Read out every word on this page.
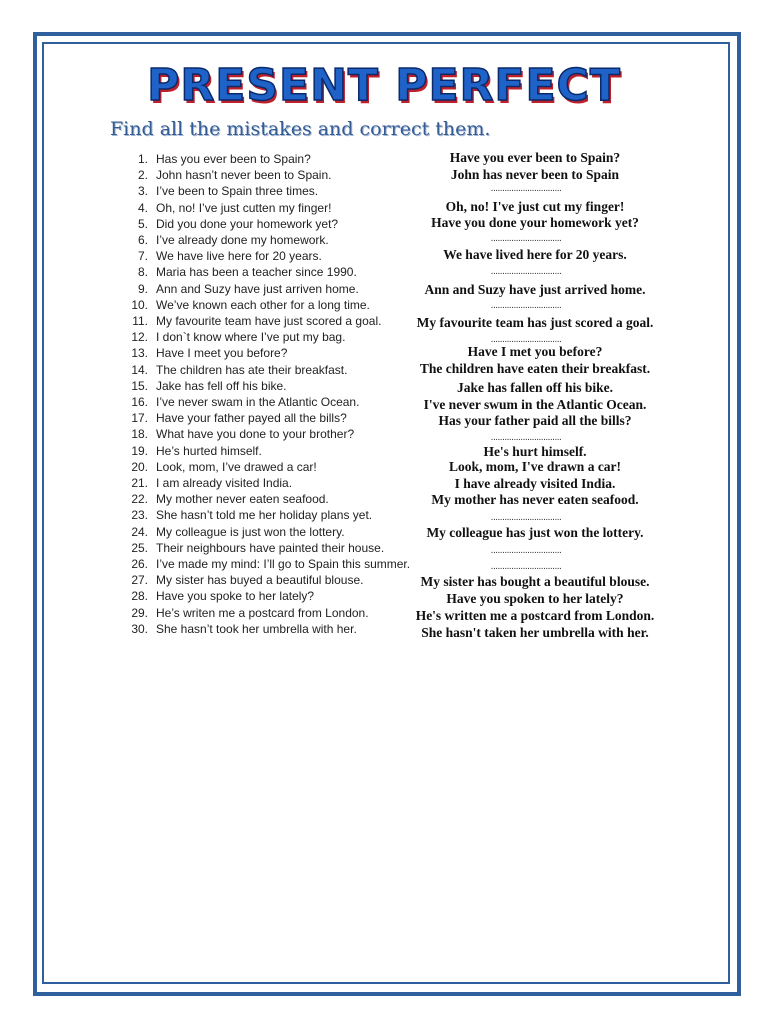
PRESENT PERFECT
Find all the mistakes and correct them.
1. Has you ever been to Spain?
2. John hasn’t never been to Spain.
3. I’ve been to Spain three times.
4. Oh, no! I’ve just cutten my finger!
5. Did you done your homework yet?
6. I’ve already done my homework.
7. We have live here for 20 years.
8. Maria has been a teacher since 1990.
9. Ann and Suzy have just arriven home.
10. We’ve known each other for a long time.
11. My favourite team have just scored a goal.
12. I don`t know where I’ve put my bag.
13. Have I meet you before?
14. The children has ate their breakfast.
15. Jake has fell off his bike.
16. I’ve never swam in the Atlantic Ocean.
17. Have your father payed all the bills?
18. What have you done to your brother?
19. He’s hurted himself.
20. Look, mom, I’ve drawed a car!
21. I am already visited India.
22. My mother never eaten seafood.
23. She hasn’t told me her holiday plans yet.
24. My colleague is just won the lottery.
25. Their neighbours have painted their house.
26. I’ve made my mind: I’ll go to Spain this summer.
27. My sister has buyed a beautiful blouse.
28. Have you spoke to her lately?
29. He’s writen me a postcard from London.
30. She hasn’t took her umbrella with her.
Have you ever been to Spain?
John has never been to Spain
Oh, no! I've just cut my finger!
Have you done your homework yet?
We have lived here for 20 years.
Ann and Suzy have just arrived home.
My favourite team has just scored a goal.
Have I met you before?
The children have eaten their breakfast.
Jake has fallen off his bike.
I've never swum in the Atlantic Ocean.
Has your father paid all the bills?
He's hurt himself.
Look, mom, I've drawn a car!
I have already visited India.
My mother has never eaten seafood.
My colleague has just won the lottery.
My sister has bought a beautiful blouse.
Have you spoken to her lately?
He's written me a postcard from London.
She hasn't taken her umbrella with her.
...............................
...............................
...............................
...............................
...............................
...............................
...............................
...............................
...............................
